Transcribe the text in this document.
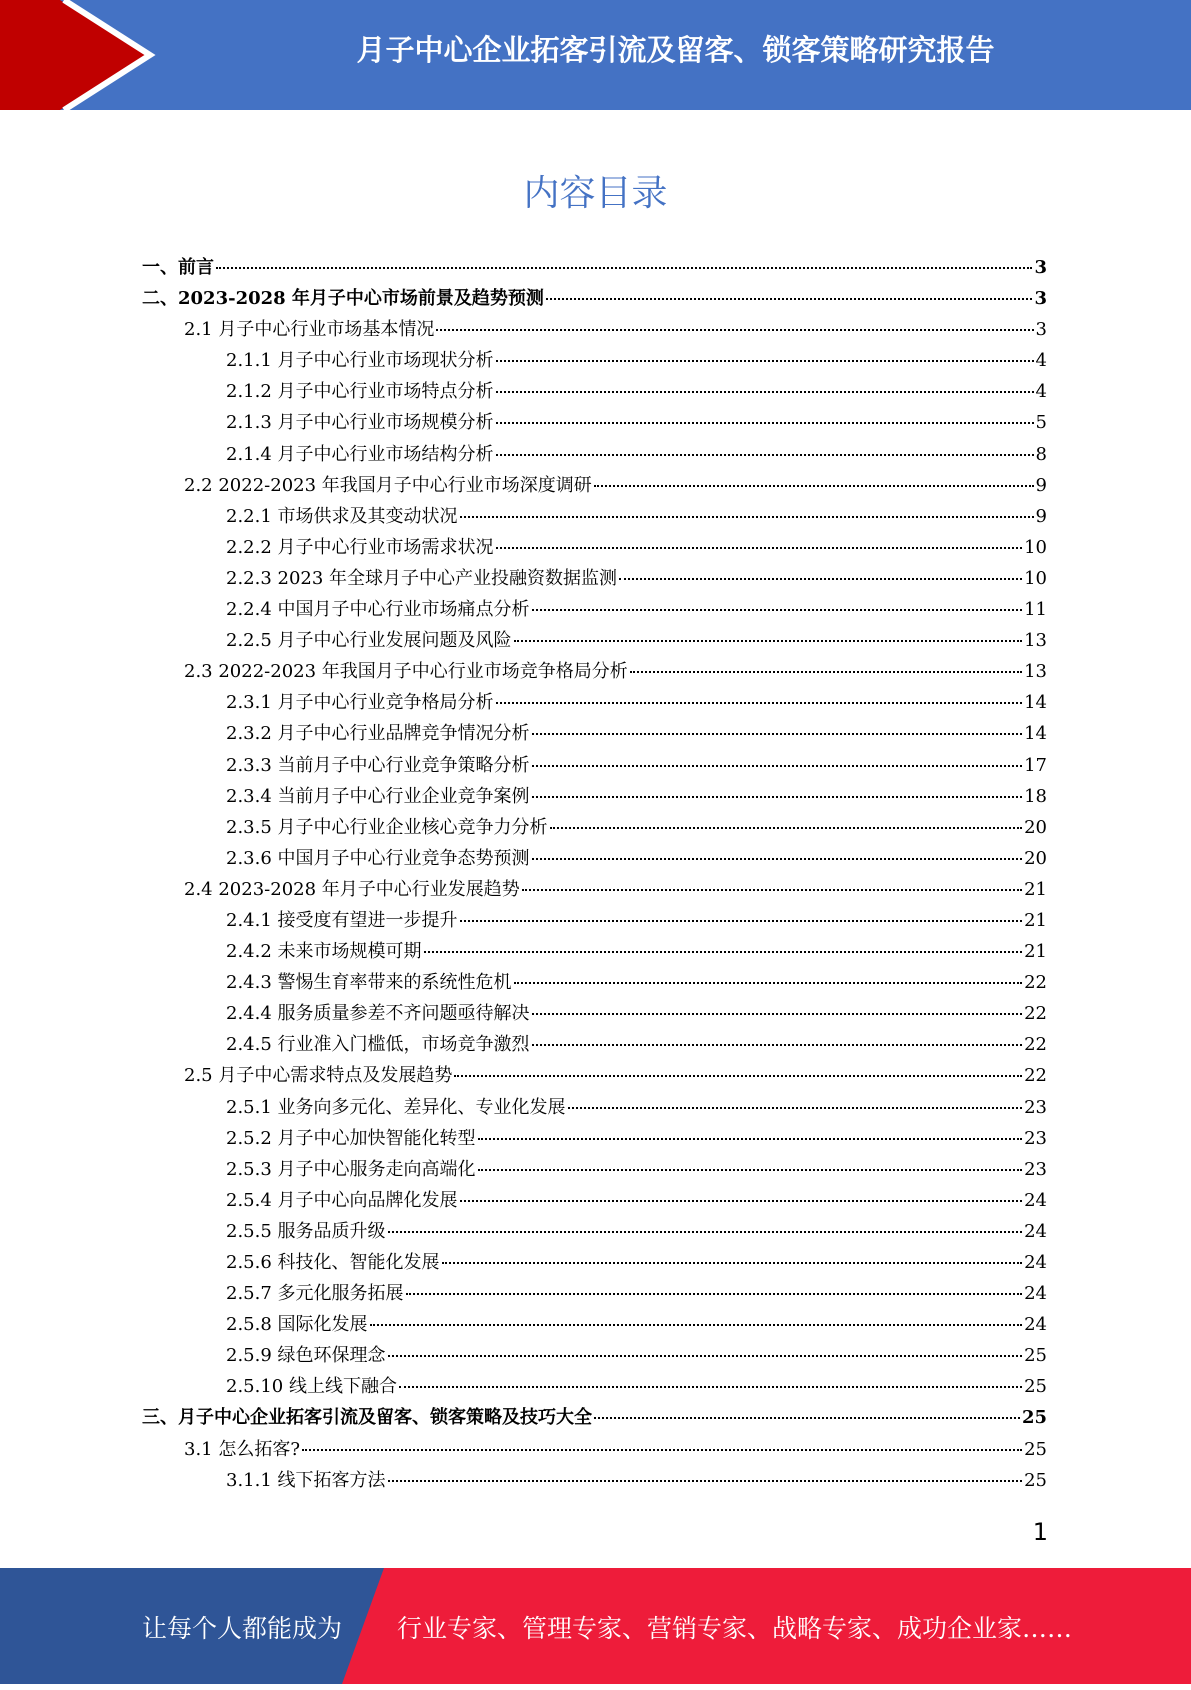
月子中心企业拓客引流及留客、锁客策略研究报告
内容目录
一、前言	3
二、2023-2028 年月子中心市场前景及趋势预测	3
2.1 月子中心行业市场基本情况	3
2.1.1 月子中心行业市场现状分析	4
2.1.2 月子中心行业市场特点分析	4
2.1.3 月子中心行业市场规模分析	5
2.1.4 月子中心行业市场结构分析	8
2.2 2022-2023 年我国月子中心行业市场深度调研	9
2.2.1 市场供求及其变动状况	9
2.2.2 月子中心行业市场需求状况	10
2.2.3 2023 年全球月子中心产业投融资数据监测	10
2.2.4 中国月子中心行业市场痛点分析	11
2.2.5 月子中心行业发展问题及风险	13
2.3 2022-2023 年我国月子中心行业市场竞争格局分析	13
2.3.1 月子中心行业竞争格局分析	14
2.3.2 月子中心行业品牌竞争情况分析	14
2.3.3 当前月子中心行业竞争策略分析	17
2.3.4 当前月子中心行业企业竞争案例	18
2.3.5 月子中心行业企业核心竞争力分析	20
2.3.6 中国月子中心行业竞争态势预测	20
2.4 2023-2028 年月子中心行业发展趋势	21
2.4.1 接受度有望进一步提升	21
2.4.2 未来市场规模可期	21
2.4.3 警惕生育率带来的系统性危机	22
2.4.4 服务质量参差不齐问题亟待解决	22
2.4.5 行业准入门槛低，市场竞争激烈	22
2.5 月子中心需求特点及发展趋势	22
2.5.1 业务向多元化、差异化、专业化发展	23
2.5.2 月子中心加快智能化转型	23
2.5.3 月子中心服务走向高端化	23
2.5.4 月子中心向品牌化发展	24
2.5.5 服务品质升级	24
2.5.6 科技化、智能化发展	24
2.5.7 多元化服务拓展	24
2.5.8 国际化发展	24
2.5.9 绿色环保理念	25
2.5.10 线上线下融合	25
三、月子中心企业拓客引流及留客、锁客策略及技巧大全	25
3.1 怎么拓客?	25
3.1.1 线下拓客方法	25
1
让每个人都能成为 行业专家、管理专家、营销专家、战略专家、成功企业家……
